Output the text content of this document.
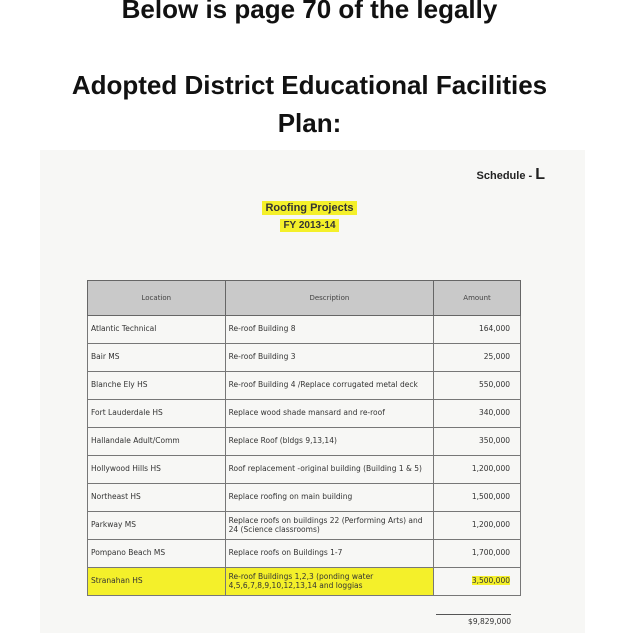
Below is page 70 of the legally
Adopted District Educational Facilities
Plan:
Schedule - L
Roofing Projects
FY 2013-14
Location	Description	Amount
Atlantic Technical	Re-roof Building 8	164,000
Bair MS	Re-roof Building 3	25,000
Blanche Ely HS	Re-roof Building 4 /Replace corrugated metal deck	550,000
Fort Lauderdale HS	Replace wood shade mansard and re-roof	340,000
Hallandale Adult/Comm	Replace Roof (bldgs 9,13,14)	350,000
Hollywood Hills HS	Roof replacement -original building (Building 1 & 5)	1,200,000
Northeast HS	Replace roofing on main building	1,500,000
Parkway MS	Replace roofs on buildings 22 (Performing Arts) and 24 (Science classrooms)	1,200,000
Pompano Beach MS	Replace roofs on Buildings 1-7	1,700,000
Stranahan HS	Re-roof Buildings 1,2,3 (ponding water 4,5,6,7,8,9,10,12,13,14 and loggias	3,500,000
$9,829,000
